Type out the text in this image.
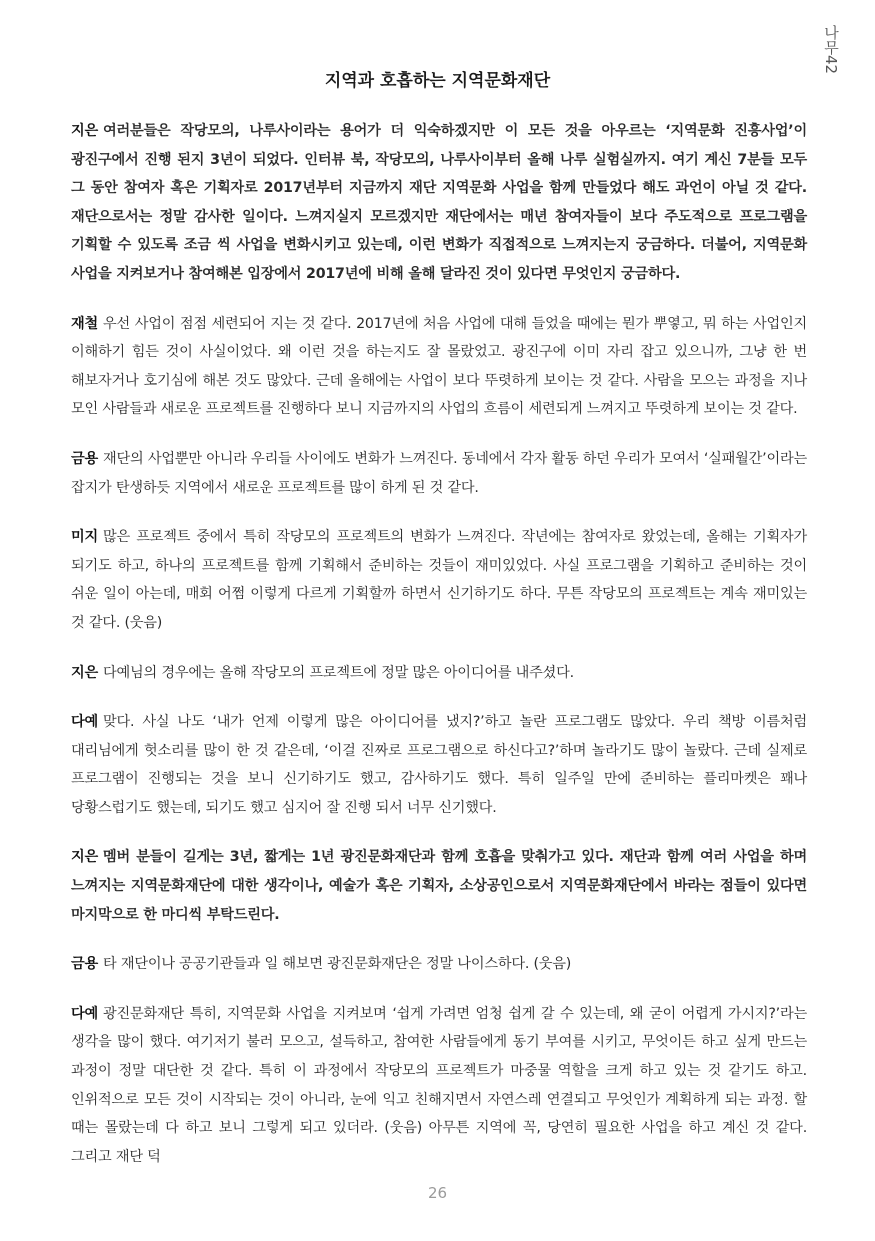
나무42
지역과 호흡하는 지역문화재단

지은 여러분들은 작당모의, 나루사이라는 용어가 더 익숙하겠지만 이 모든 것을 아우르는 ‘지역문화 진흥사업’이 광진구에서 진행 된지 3년이 되었다. 인터뷰 북, 작당모의, 나루사이부터 올해 나루 실험실까지. 여기 계신 7분들 모두 그 동안 참여자 혹은 기획자로 2017년부터 지금까지 재단 지역문화 사업을 함께 만들었다 해도 과언이 아닐 것 같다. 재단으로서는 정말 감사한 일이다. 느껴지실지 모르겠지만 재단에서는 매년 참여자들이 보다 주도적으로 프로그램을 기획할 수 있도록 조금 씩 사업을 변화시키고 있는데, 이런 변화가 직접적으로 느껴지는지 궁금하다. 더불어, 지역문화 사업을 지켜보거나 참여해본 입장에서 2017년에 비해 올해 달라진 것이 있다면 무엇인지 궁금하다.

재철 우선 사업이 점점 세련되어 지는 것 같다. 2017년에 처음 사업에 대해 들었을 때에는 뭔가 뿌옇고, 뭐 하는 사업인지 이해하기 힘든 것이 사실이었다. 왜 이런 것을 하는지도 잘 몰랐었고. 광진구에 이미 자리 잡고 있으니까, 그냥 한 번 해보자거나 호기심에 해본 것도 많았다. 근데 올해에는 사업이 보다 뚜렷하게 보이는 것 같다. 사람을 모으는 과정을 지나 모인 사람들과 새로운 프로젝트를 진행하다 보니 지금까지의 사업의 흐름이 세련되게 느껴지고 뚜렷하게 보이는 것 같다.

금용 재단의 사업뿐만 아니라 우리들 사이에도 변화가 느껴진다. 동네에서 각자 활동 하던 우리가 모여서 ‘실패월간’이라는 잡지가 탄생하듯 지역에서 새로운 프로젝트를 많이 하게 된 것 같다.

미지 많은 프로젝트 중에서 특히 작당모의 프로젝트의 변화가 느껴진다. 작년에는 참여자로 왔었는데, 올해는 기획자가 되기도 하고, 하나의 프로젝트를 함께 기획해서 준비하는 것들이 재미있었다. 사실 프로그램을 기획하고 준비하는 것이 쉬운 일이 아는데, 매회 어쩜 이렇게 다르게 기획할까 하면서 신기하기도 하다. 무튼 작당모의 프로젝트는 계속 재미있는 것 같다. (웃음)

지은 다예님의 경우에는 올해 작당모의 프로젝트에 정말 많은 아이디어를 내주셨다.

다예 맞다. 사실 나도 ‘내가 언제 이렇게 많은 아이디어를 냈지?’하고 놀란 프로그램도 많았다. 우리 책방 이름처럼 대리님에게 헛소리를 많이 한 것 같은데, ‘이걸 진짜로 프로그램으로 하신다고?’하며 놀라기도 많이 놀랐다. 근데 실제로 프로그램이 진행되는 것을 보니 신기하기도 했고, 감사하기도 했다. 특히 일주일 만에 준비하는 플리마켓은 꽤나 당황스럽기도 했는데, 되기도 했고 심지어 잘 진행 되서 너무 신기했다.

지은 멤버 분들이 길게는 3년, 짧게는 1년 광진문화재단과 함께 호흡을 맞춰가고 있다. 재단과 함께 여러 사업을 하며 느껴지는 지역문화재단에 대한 생각이나, 예술가 혹은 기획자, 소상공인으로서 지역문화재단에서 바라는 점들이 있다면 마지막으로 한 마디씩 부탁드린다.

금용 타 재단이나 공공기관들과 일 해보면 광진문화재단은 정말 나이스하다. (웃음)

다예 광진문화재단 특히, 지역문화 사업을 지켜보며 ‘쉽게 가려면 엄청 쉽게 갈 수 있는데, 왜 굳이 어렵게 가시지?’라는 생각을 많이 했다. 여기저기 불러 모으고, 설득하고, 참여한 사람들에게 동기 부여를 시키고, 무엇이든 하고 싶게 만드는 과정이 정말 대단한 것 같다. 특히 이 과정에서 작당모의 프로젝트가 마중물 역할을 크게 하고 있는 것 같기도 하고. 인위적으로 모든 것이 시작되는 것이 아니라, 눈에 익고 친해지면서 자연스레 연결되고 무엇인가 계획하게 되는 과정. 할 때는 몰랐는데 다 하고 보니 그렇게 되고 있더라. (웃음) 아무튼 지역에 꼭, 당연히 필요한 사업을 하고 계신 것 같다. 그리고 재단 덕

26
